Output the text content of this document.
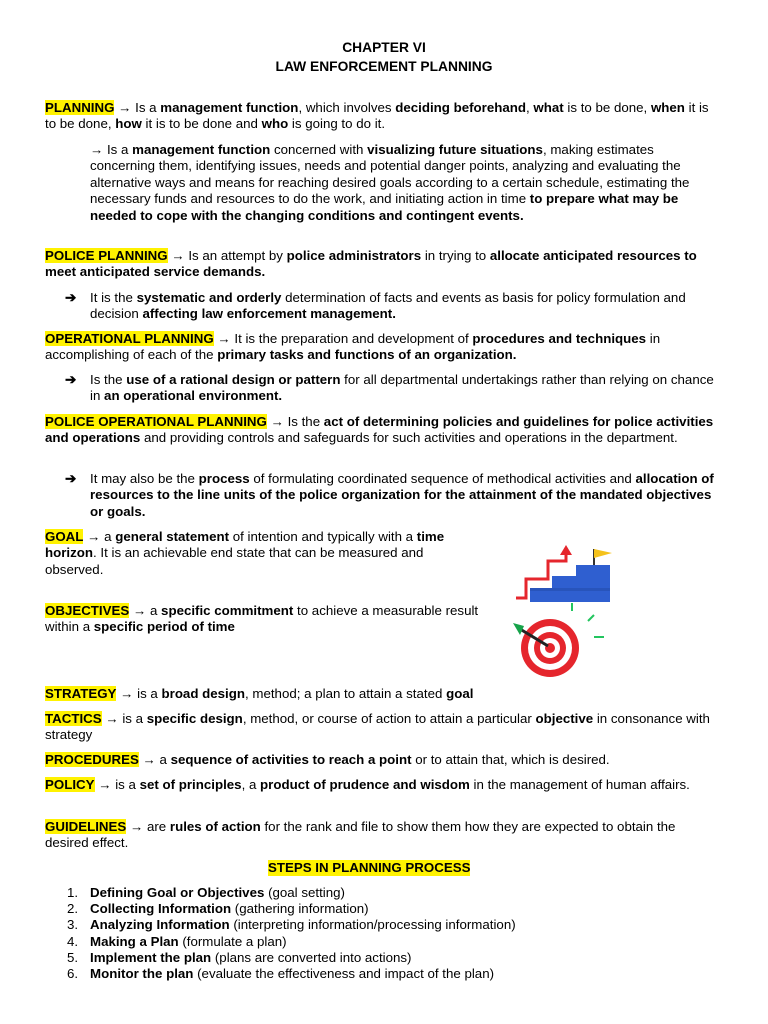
CHAPTER VI
LAW ENFORCEMENT PLANNING

PLANNING → Is a management function, which involves deciding beforehand, what is to be done, when it is to be done, how it is to be done and who is going to do it.

→ Is a management function concerned with visualizing future situations, making estimates concerning them, identifying issues, needs and potential danger points, analyzing and evaluating the alternative ways and means for reaching desired goals according to a certain schedule, estimating the necessary funds and resources to do the work, and initiating action in time to prepare what may be needed to cope with the changing conditions and contingent events.

POLICE PLANNING → Is an attempt by police administrators in trying to allocate anticipated resources to meet anticipated service demands.

➔ It is the systematic and orderly determination of facts and events as basis for policy formulation and decision affecting law enforcement management.

OPERATIONAL PLANNING → It is the preparation and development of procedures and techniques in accomplishing of each of the primary tasks and functions of an organization.

➔ Is the use of a rational design or pattern for all departmental undertakings rather than relying on chance in an operational environment.

POLICE OPERATIONAL PLANNING → Is the act of determining policies and guidelines for police activities and operations and providing controls and safeguards for such activities and operations in the department.

➔ It may also be the process of formulating coordinated sequence of methodical activities and allocation of resources to the line units of the police organization for the attainment of the mandated objectives or goals.

GOAL → a general statement of intention and typically with a time horizon. It is an achievable end state that can be measured and observed.

OBJECTIVES → a specific commitment to achieve a measurable result within a specific period of time

STRATEGY → is a broad design, method; a plan to attain a stated goal

TACTICS → is a specific design, method, or course of action to attain a particular objective in consonance with strategy

PROCEDURES → a sequence of activities to reach a point or to attain that, which is desired.

POLICY → is a set of principles, a product of prudence and wisdom in the management of human affairs.

GUIDELINES → are rules of action for the rank and file to show them how they are expected to obtain the desired effect.

STEPS IN PLANNING PROCESS
1. Defining Goal or Objectives (goal setting)
2. Collecting Information (gathering information)
3. Analyzing Information (interpreting information/processing information)
4. Making a Plan (formulate a plan)
5. Implement the plan (plans are converted into actions)
6. Monitor the plan (evaluate the effectiveness and impact of the plan)
